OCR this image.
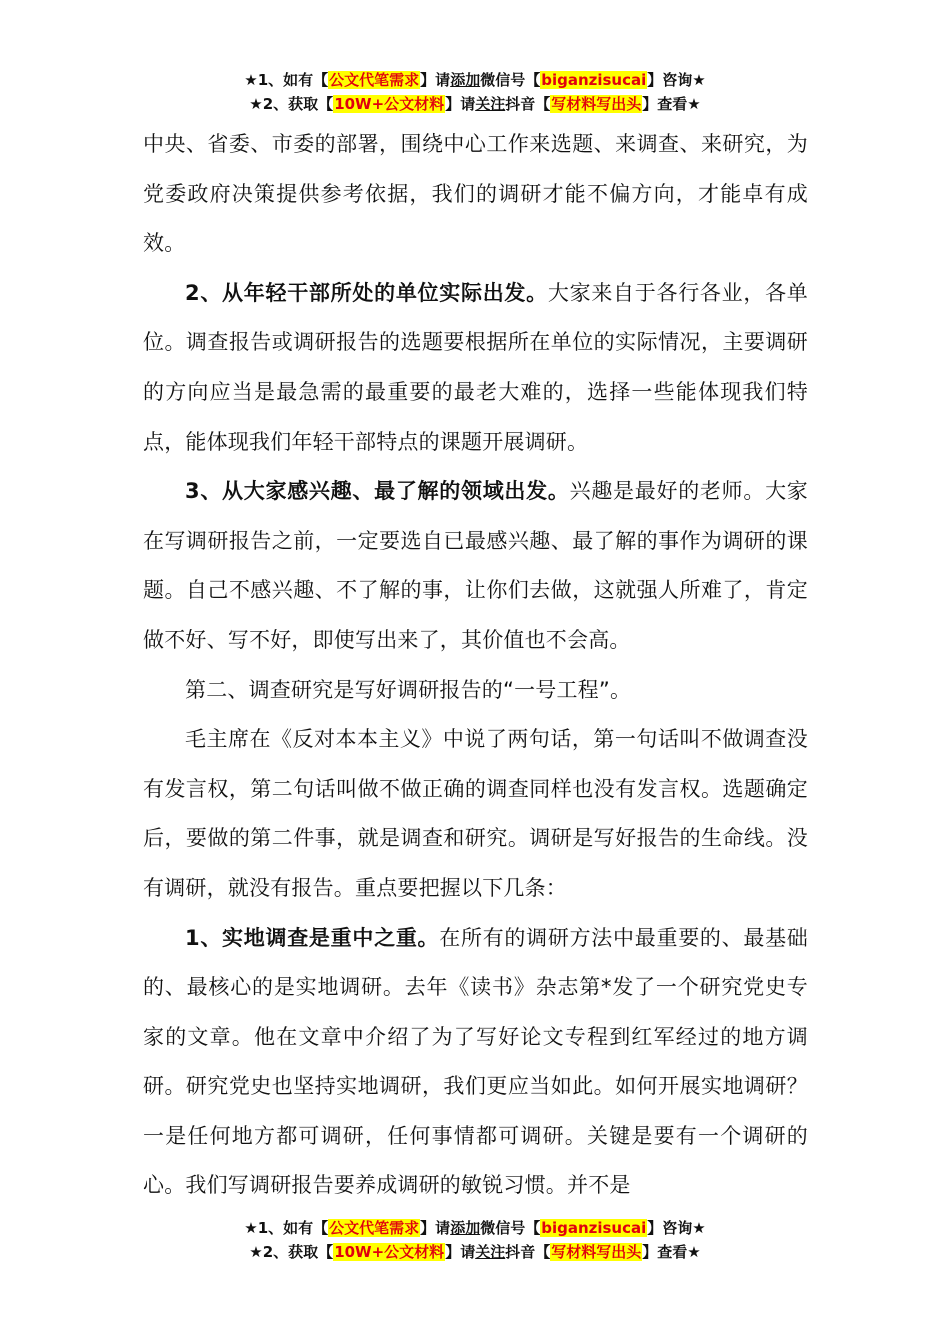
★1、如有【公文代笔需求】请添加微信号【biganzisucai】咨询★
★2、获取【10W+公文材料】请关注抖音【写材料写出头】查看★

中央、省委、市委的部署，围绕中心工作来选题、来调查、来研究，为党委政府决策提供参考依据，我们的调研才能不偏方向，才能卓有成效。

2、从年轻干部所处的单位实际出发。大家来自于各行各业，各单位。调查报告或调研报告的选题要根据所在单位的实际情况，主要调研的方向应当是最急需的最重要的最老大难的，选择一些能体现我们特点，能体现我们年轻干部特点的课题开展调研。

3、从大家感兴趣、最了解的领域出发。兴趣是最好的老师。大家在写调研报告之前，一定要选自已最感兴趣、最了解的事作为调研的课题。自己不感兴趣、不了解的事，让你们去做，这就强人所难了，肯定做不好、写不好，即使写出来了，其价值也不会高。

第二、调查研究是写好调研报告的“一号工程”。

毛主席在《反对本本主义》中说了两句话，第一句话叫不做调查没有发言权，第二句话叫做不做正确的调查同样也没有发言权。选题确定后，要做的第二件事，就是调查和研究。调研是写好报告的生命线。没有调研，就没有报告。重点要把握以下几条：

1、实地调查是重中之重。在所有的调研方法中最重要的、最基础的、最核心的是实地调研。去年《读书》杂志第*发了一个研究党史专家的文章。他在文章中介绍了为了写好论文专程到红军经过的地方调研。研究党史也坚持实地调研，我们更应当如此。如何开展实地调研？一是任何地方都可调研，任何事情都可调研。关键是要有一个调研的心。我们写调研报告要养成调研的敏锐习惯。并不是

★1、如有【公文代笔需求】请添加微信号【biganzisucai】咨询★
★2、获取【10W+公文材料】请关注抖音【写材料写出头】查看★
